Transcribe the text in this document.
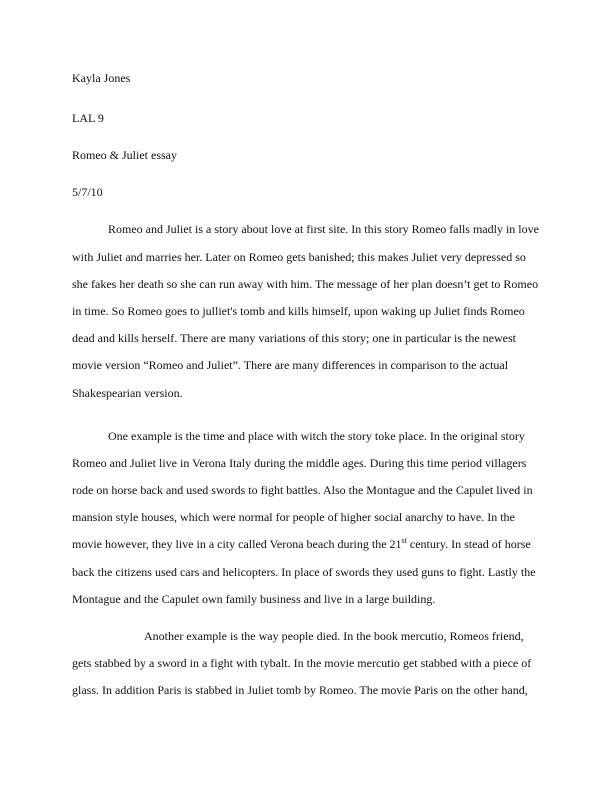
Kayla Jones
LAL 9
Romeo & Juliet essay
5/7/10
Romeo and Juliet is a story about love at first site. In this story Romeo falls madly in love
with Juliet and marries her. Later on Romeo gets banished; this makes Juliet very depressed so
she fakes her death so she can run away with him. The message of her plan doesn’t get to Romeo
in time. So Romeo goes to julliet's tomb and kills himself, upon waking up Juliet finds Romeo
dead and kills herself. There are many variations of this story; one in particular is the newest
movie version “Romeo and Juliet”. There are many differences in comparison to the actual
Shakespearian version.
One example is the time and place with witch the story toke place. In the original story
Romeo and Juliet live in Verona Italy during the middle ages. During this time period villagers
rode on horse back and used swords to fight battles. Also the Montague and the Capulet lived in
mansion style houses, which were normal for people of higher social anarchy to have. In the
movie however, they live in a city called Verona beach during the 21st century. In stead of horse
back the citizens used cars and helicopters. In place of swords they used guns to fight. Lastly the
Montague and the Capulet own family business and live in a large building.
Another example is the way people died. In the book mercutio, Romeos friend,
gets stabbed by a sword in a fight with tybalt. In the movie mercutio get stabbed with a piece of
glass. In addition Paris is stabbed in Juliet tomb by Romeo. The movie Paris on the other hand,
